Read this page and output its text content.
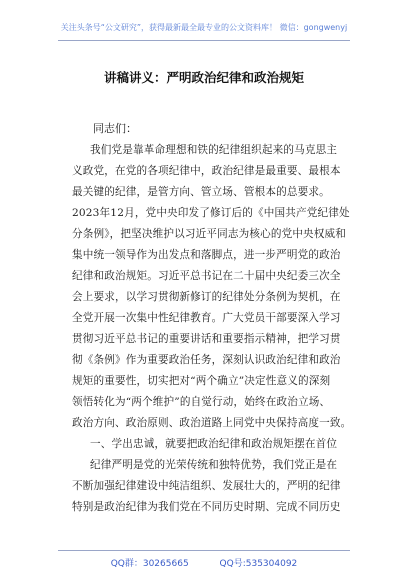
关注头条号“公文研究”，获得最新最全最专业的公文资料库！ 微信：gongwenyj
讲稿讲义：严明政治纪律和政治规矩
同志们：
我们党是靠革命理想和铁的纪律组织起来的马克思主
义政党，在党的各项纪律中，政治纪律是最重要、最根本
最关键的纪律，是管方向、管立场、管根本的总要求。
2023年12月，党中央印发了修订后的《中国共产党纪律处
分条例》，把坚决维护以习近平同志为核心的党中央权威和
集中统一领导作为出发点和落脚点，进一步严明党的政治
纪律和政治规矩。习近平总书记在二十届中央纪委三次全
会上要求，以学习贯彻新修订的纪律处分条例为契机，在
全党开展一次集中性纪律教育。广大党员干部要深入学习
贯彻习近平总书记的重要讲话和重要指示精神，把学习贯
彻《条例》作为重要政治任务，深刻认识政治纪律和政治
规矩的重要性，切实把对“两个确立”决定性意义的深刻
领悟转化为“两个维护”的自觉行动，始终在政治立场、
政治方向、政治原则、政治道路上同党中央保持高度一致。
一、学出忠诚，就要把政治纪律和政治规矩摆在首位
纪律严明是党的光荣传统和独特优势，我们党正是在
不断加强纪律建设中纯洁组织、发展壮大的，严明的纪律
特别是政治纪律为我们党在不同历史时期、完成不同历史
QQ群：30265665	QQ号:535304092
